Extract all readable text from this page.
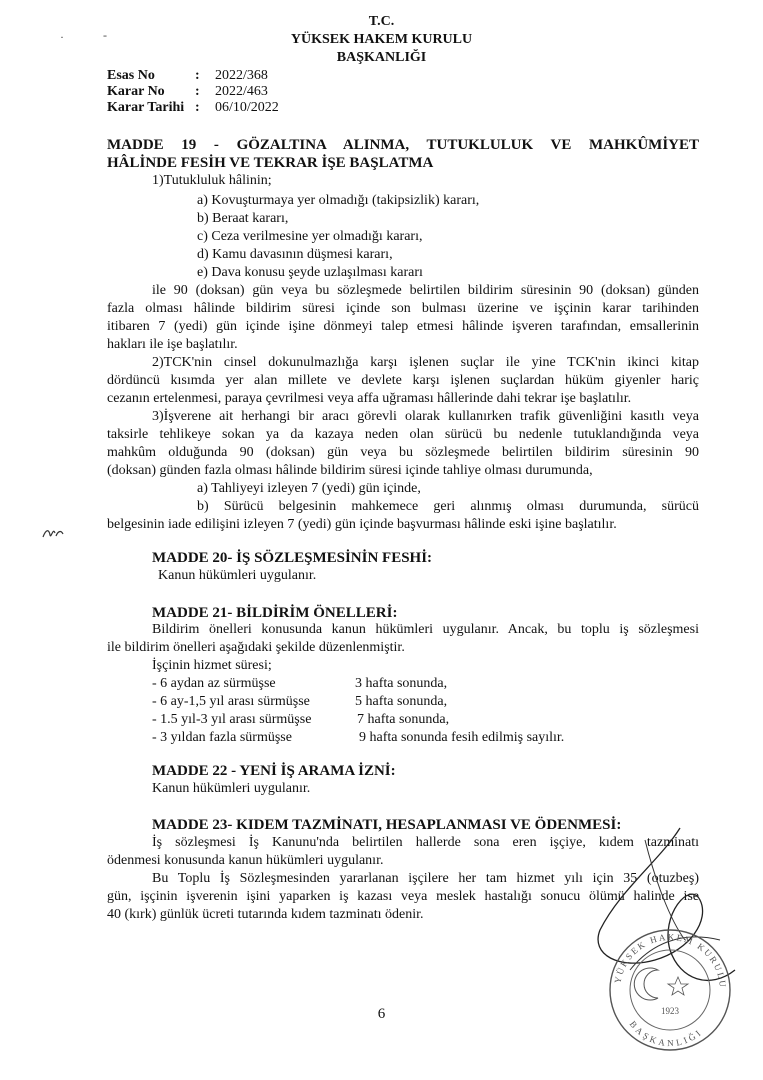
·	-
T.C.
YÜKSEK HAKEM KURULU
BAŞKANLIĞI
Esas No	: 2022/368
Karar No : 2022/463
Karar Tarihi : 06/10/2022
MADDE 19 - GÖZALTINA ALINMA, TUTUKLULUK VE MAHKÛMİYET
HÂLİNDE FESİH VE TEKRAR İŞE BAŞLATMA
1)Tutukluluk hâlinin;
a) Kovuşturmaya yer olmadığı (takipsizlik) kararı,
b) Beraat kararı,
c) Ceza verilmesine yer olmadığı kararı,
d) Kamu davasının düşmesi kararı,
e) Dava konusu şeyde uzlaşılması kararı
ile 90 (doksan) gün veya bu sözleşmede belirtilen bildirim süresinin 90 (doksan) günden
fazla olması hâlinde bildirim süresi içinde son bulması üzerine ve işçinin karar tarihinden
itibaren 7 (yedi) gün içinde işine dönmeyi talep etmesi hâlinde işveren tarafından, emsallerinin
hakları ile işe başlatılır.
2)TCK'nin cinsel dokunulmazlığa karşı işlenen suçlar ile yine TCK'nin ikinci kitap
dördüncü kısımda yer alan millete ve devlete karşı işlenen suçlardan hüküm giyenler hariç
cezanın ertelenmesi, paraya çevrilmesi veya affa uğraması hâllerinde dahi tekrar işe başlatılır.
3)İşverene ait herhangi bir aracı görevli olarak kullanırken trafik güvenliğini kasıtlı veya
taksirle tehlikeye sokan ya da kazaya neden olan sürücü bu nedenle tutuklandığında veya
mahkûm olduğunda 90 (doksan) gün veya bu sözleşmede belirtilen bildirim süresinin 90
(doksan) günden fazla olması hâlinde bildirim süresi içinde tahliye olması durumunda,
a) Tahliyeyi izleyen 7 (yedi) gün içinde,
b) Sürücü belgesinin mahkemece geri alınmış olması durumunda, sürücü
belgesinin iade edilişini izleyen 7 (yedi) gün içinde başvurması hâlinde eski işine başlatılır.
MADDE 20- İŞ SÖZLEŞMESİNİN FESHİ:
Kanun hükümleri uygulanır.
MADDE 21- BİLDİRİM ÖNELLERİ:
Bildirim önelleri konusunda kanun hükümleri uygulanır. Ancak, bu toplu iş sözleşmesi
ile bildirim önelleri aşağıdaki şekilde düzenlenmiştir.
İşçinin hizmet süresi;
- 6 aydan az sürmüşse	3 hafta sonunda,
- 6 ay-1,5 yıl arası sürmüşse	5 hafta sonunda,
- 1.5 yıl-3 yıl arası sürmüşse	7 hafta sonunda,
- 3 yıldan fazla sürmüşse	9 hafta sonunda fesih edilmiş sayılır.
MADDE 22 - YENİ İŞ ARAMA İZNİ:
Kanun hükümleri uygulanır.
MADDE 23- KIDEM TAZMİNATI, HESAPLANMASI VE ÖDENMESİ:
İş sözleşmesi İş Kanunu'nda belirtilen hallerde sona eren işçiye, kıdem tazminatı
ödenmesi konusunda kanun hükümleri uygulanır.
Bu Toplu İş Sözleşmesinden yararlanan işçilere her tam hizmet yılı için 35 (otuzbeş)
gün, işçinin işverenin işini yaparken iş kazası veya meslek hastalığı sonucu ölümü halinde ise
40 (kırk) günlük ücreti tutarında kıdem tazminatı ödenir.
YÜKSEK HAKEM KURULU
BAŞKANLIĞI
1923
6
